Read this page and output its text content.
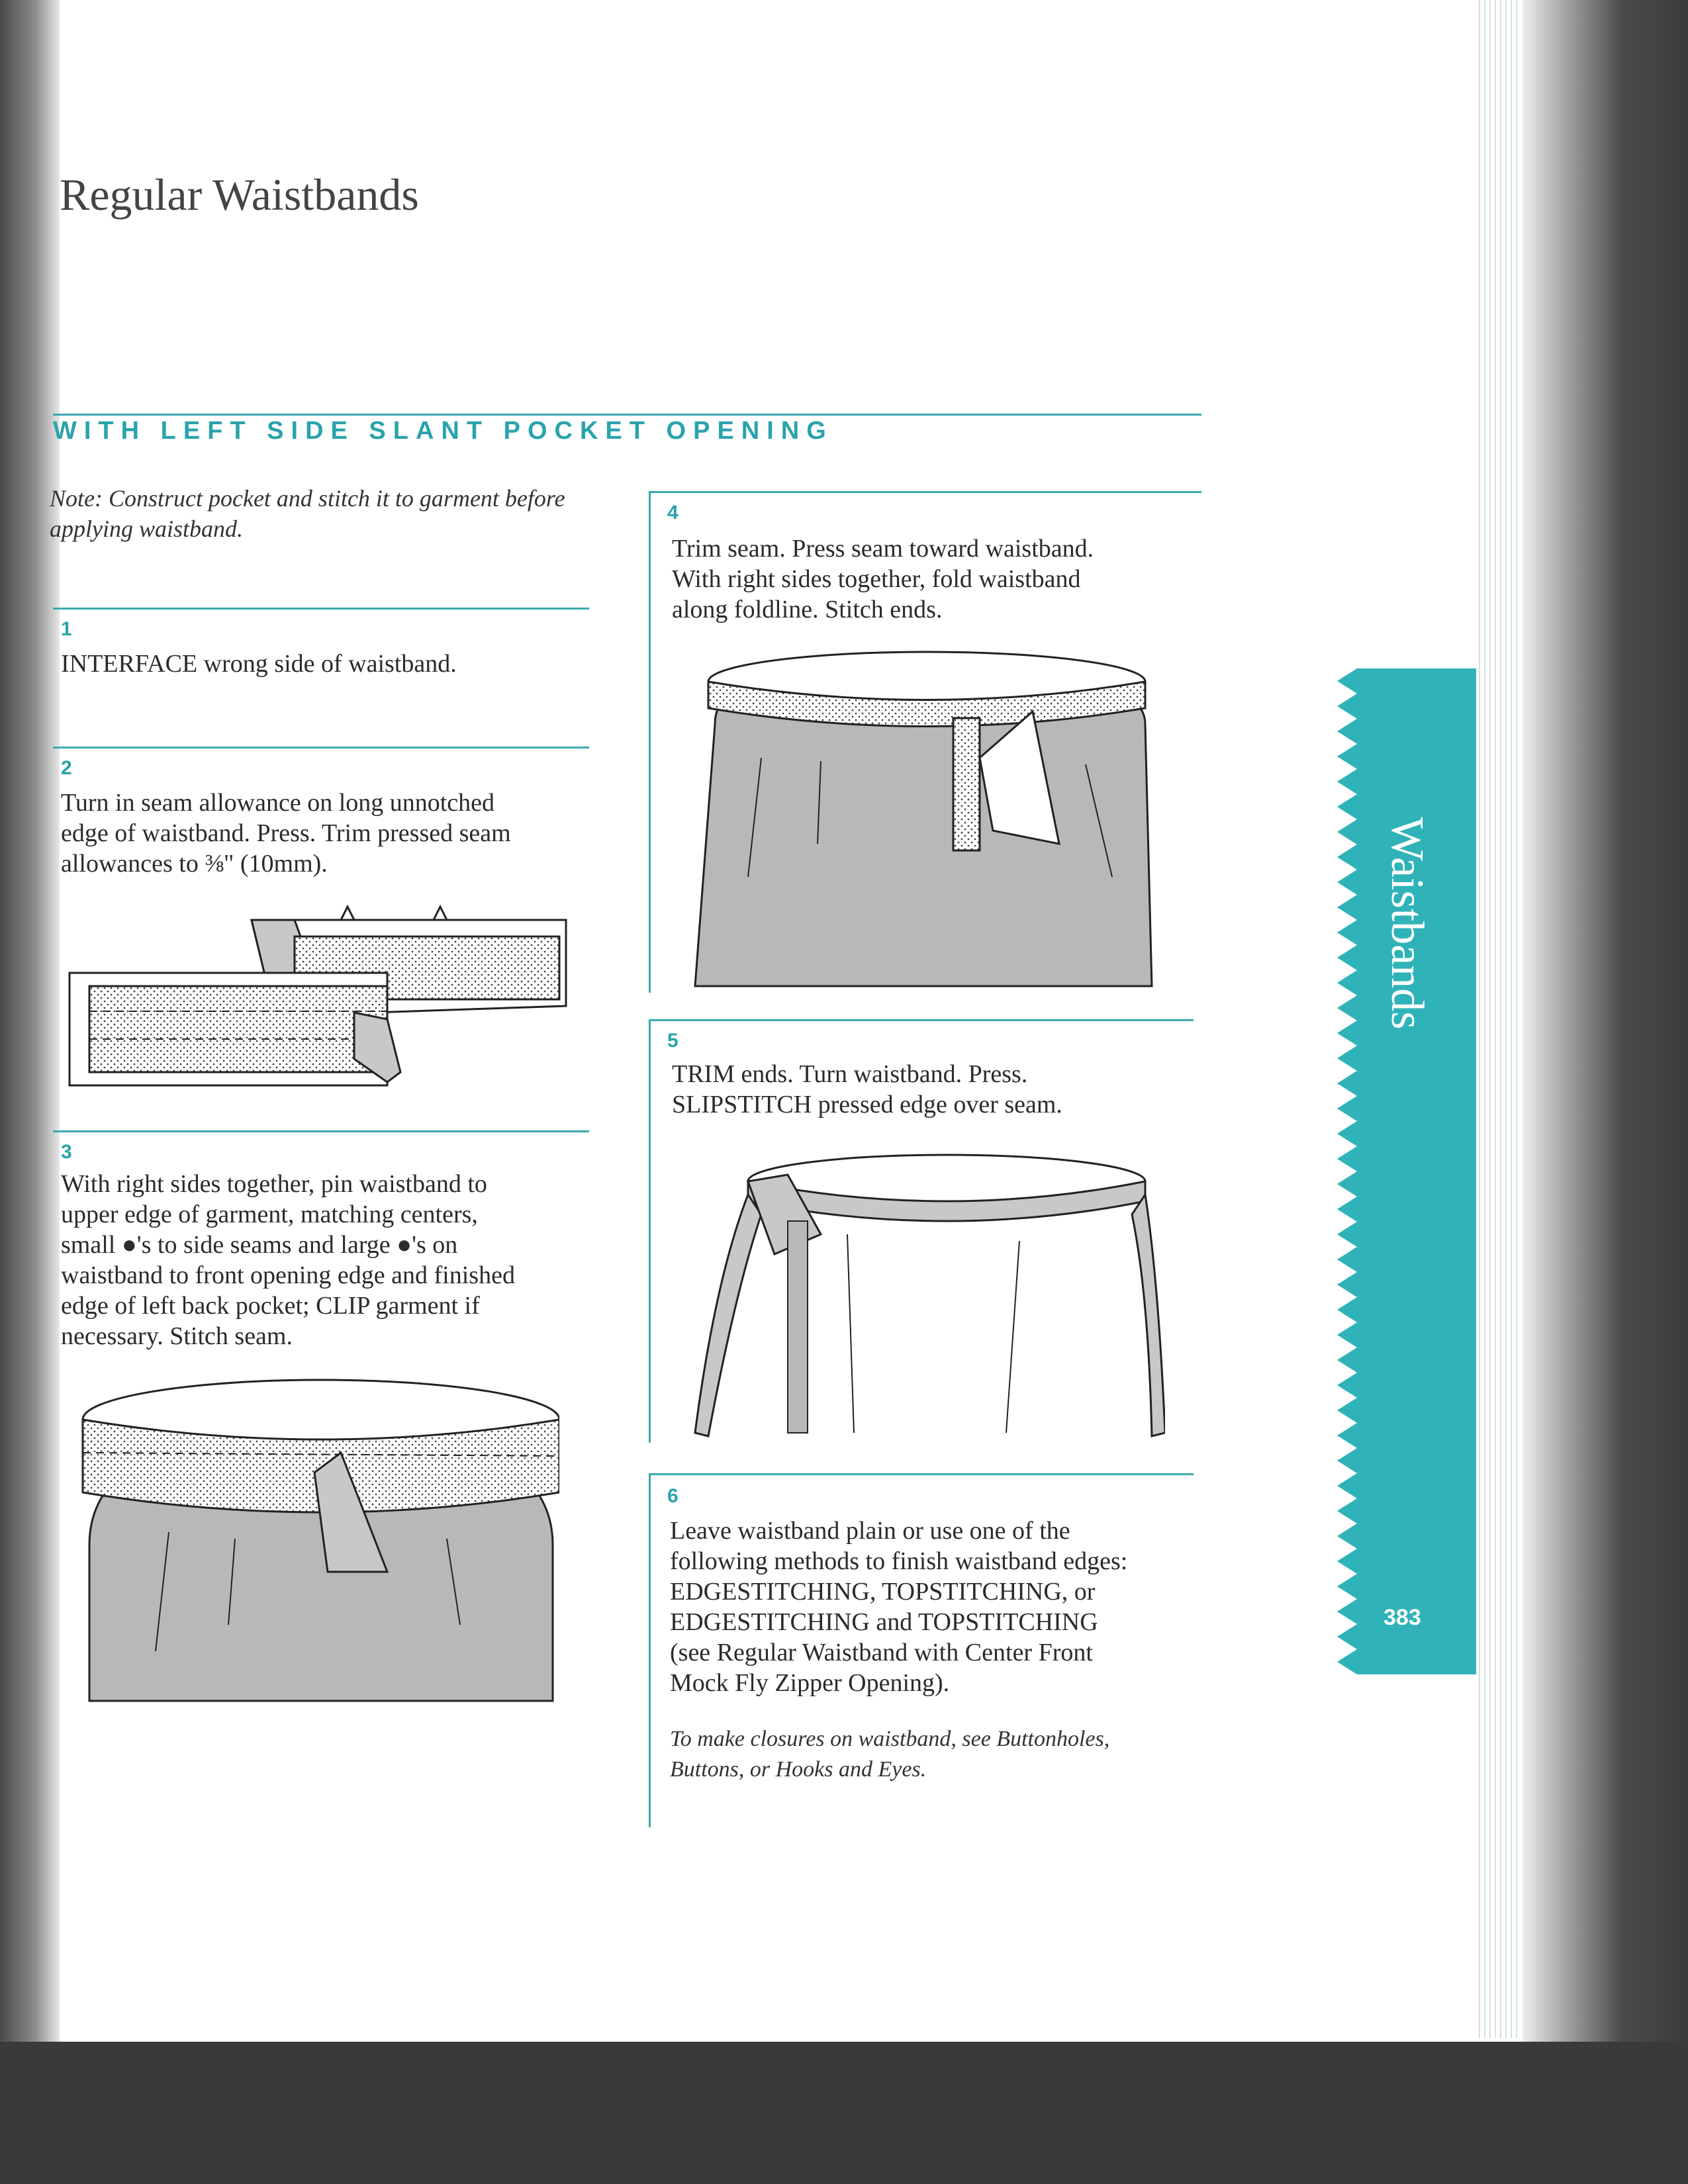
Regular Waistbands
WITH LEFT SIDE SLANT POCKET OPENING
Note: Construct pocket and stitch it to garment before applying waistband.
1
INTERFACE wrong side of waistband.
2
Turn in seam allowance on long unnotched
edge of waistband. Press. Trim pressed seam
allowances to ⅜" (10mm).
3
With right sides together, pin waistband to
upper edge of garment, matching centers,
small ●'s to side seams and large ●'s on
waistband to front opening edge and finished
edge of left back pocket; CLIP garment if
necessary. Stitch seam.
4
Trim seam. Press seam toward waistband.
With right sides together, fold waistband
along foldline. Stitch ends.
5
TRIM ends. Turn waistband. Press.
SLIPSTITCH pressed edge over seam.
6
Leave waistband plain or use one of the
following methods to finish waistband edges:
EDGESTITCHING, TOPSTITCHING, or
EDGESTITCHING and TOPSTITCHING
(see Regular Waistband with Center Front
Mock Fly Zipper Opening).
To make closures on waistband, see Buttonholes,
Buttons, or Hooks and Eyes.
Waistbands
383
